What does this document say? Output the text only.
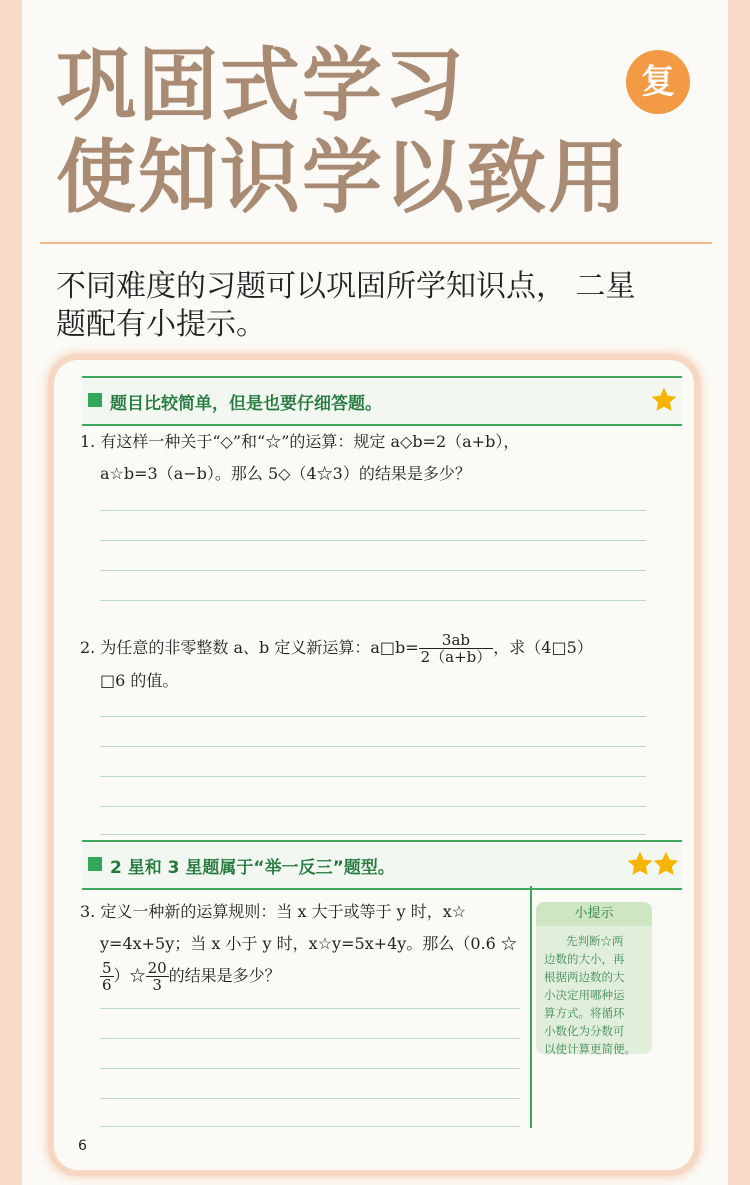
巩固式学习
使知识学以致用
复
不同难度的习题可以巩固所学知识点， 二星
题配有小提示。
题目比较简单，但是也要仔细答题。
1. 有这样一种关于“◇”和“☆”的运算：规定 a◇b=2（a+b），
a☆b=3（a−b）。那么 5◇（4☆3）的结果是多少？
2. 为任意的非零整数 a、b 定义新运算：a□b= $\frac{3ab}{2(a+b)}$ ，求（4□5）
□6 的值。
2 星和 3 星题属于“举一反三”题型。
3. 定义一种新的运算规则：当 x 大于或等于 y 时，x☆
y=4x+5y；当 x 小于 y 时，x☆y=5x+4y。那么（0.6̇ ☆
$\frac{5}{6}$ ）☆ $\frac{20}{3}$ 的结果是多少？
小提示
先判断☆两
边数的大小，再
根据两边数的大
小决定用哪种运
算方式。将循环
小数化为分数可
以使计算更简便。
6
